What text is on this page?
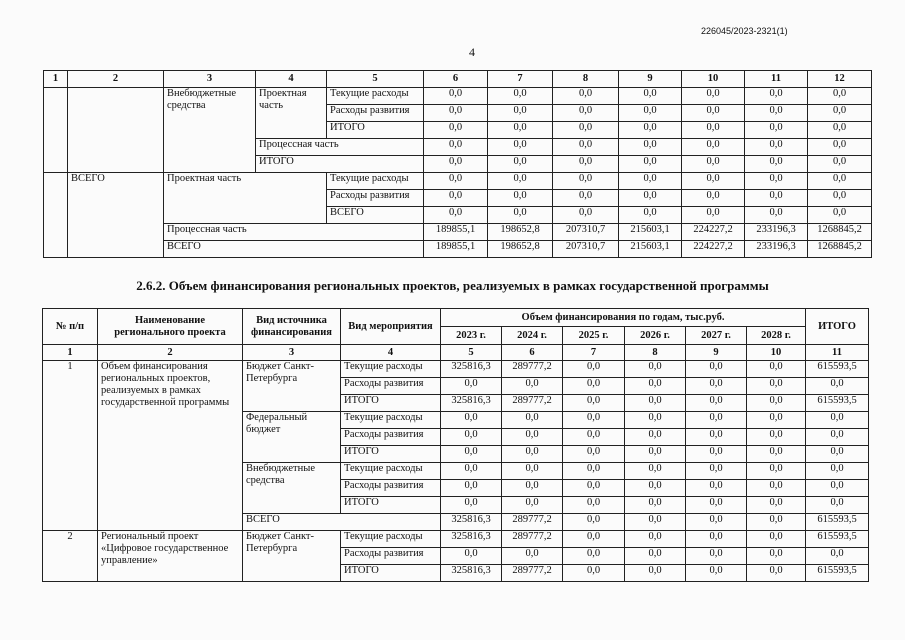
226045/2023-2321(1)
4
1	2	3	4	5	6	7	8	9	10	11	12
		Внебюджетные средства	Проектная часть	Текущие расходы	0,0	0,0	0,0	0,0	0,0	0,0	0,0
				Расходы развития	0,0	0,0	0,0	0,0	0,0	0,0	0,0
				ИТОГО	0,0	0,0	0,0	0,0	0,0	0,0	0,0
			Процессная часть		0,0	0,0	0,0	0,0	0,0	0,0	0,0
			ИТОГО		0,0	0,0	0,0	0,0	0,0	0,0	0,0
	ВСЕГО	Проектная часть		Текущие расходы	0,0	0,0	0,0	0,0	0,0	0,0	0,0
				Расходы развития	0,0	0,0	0,0	0,0	0,0	0,0	0,0
				ВСЕГО	0,0	0,0	0,0	0,0	0,0	0,0	0,0
		Процессная часть			189855,1	198652,8	207310,7	215603,1	224227,2	233196,3	1268845,2
		ВСЕГО			189855,1	198652,8	207310,7	215603,1	224227,2	233196,3	1268845,2
2.6.2. Объем финансирования региональных проектов, реализуемых в рамках государственной программы
№ п/п	Наименование регионального проекта	Вид источника финансирования	Вид мероприятия	Объем финансирования по годам, тыс.руб.						ИТОГО
				2023 г.	2024 г.	2025 г.	2026 г.	2027 г.	2028 г.	
1	2	3	4	5	6	7	8	9	10	11
1	Объем финансирования региональных проектов, реализуемых в рамках государственной программы	Бюджет Санкт-Петербурга	Текущие расходы	325816,3	289777,2	0,0	0,0	0,0	0,0	615593,5
			Расходы развития	0,0	0,0	0,0	0,0	0,0	0,0	0,0
			ИТОГО	325816,3	289777,2	0,0	0,0	0,0	0,0	615593,5
		Федеральный бюджет	Текущие расходы	0,0	0,0	0,0	0,0	0,0	0,0	0,0
			Расходы развития	0,0	0,0	0,0	0,0	0,0	0,0	0,0
			ИТОГО	0,0	0,0	0,0	0,0	0,0	0,0	0,0
		Внебюджетные средства	Текущие расходы	0,0	0,0	0,0	0,0	0,0	0,0	0,0
			Расходы развития	0,0	0,0	0,0	0,0	0,0	0,0	0,0
			ИТОГО	0,0	0,0	0,0	0,0	0,0	0,0	0,0
		ВСЕГО		325816,3	289777,2	0,0	0,0	0,0	0,0	615593,5
2	Региональный проект «Цифровое государственное управление»	Бюджет Санкт-Петербурга	Текущие расходы	325816,3	289777,2	0,0	0,0	0,0	0,0	615593,5
			Расходы развития	0,0	0,0	0,0	0,0	0,0	0,0	0,0
			ИТОГО	325816,3	289777,2	0,0	0,0	0,0	0,0	615593,5
